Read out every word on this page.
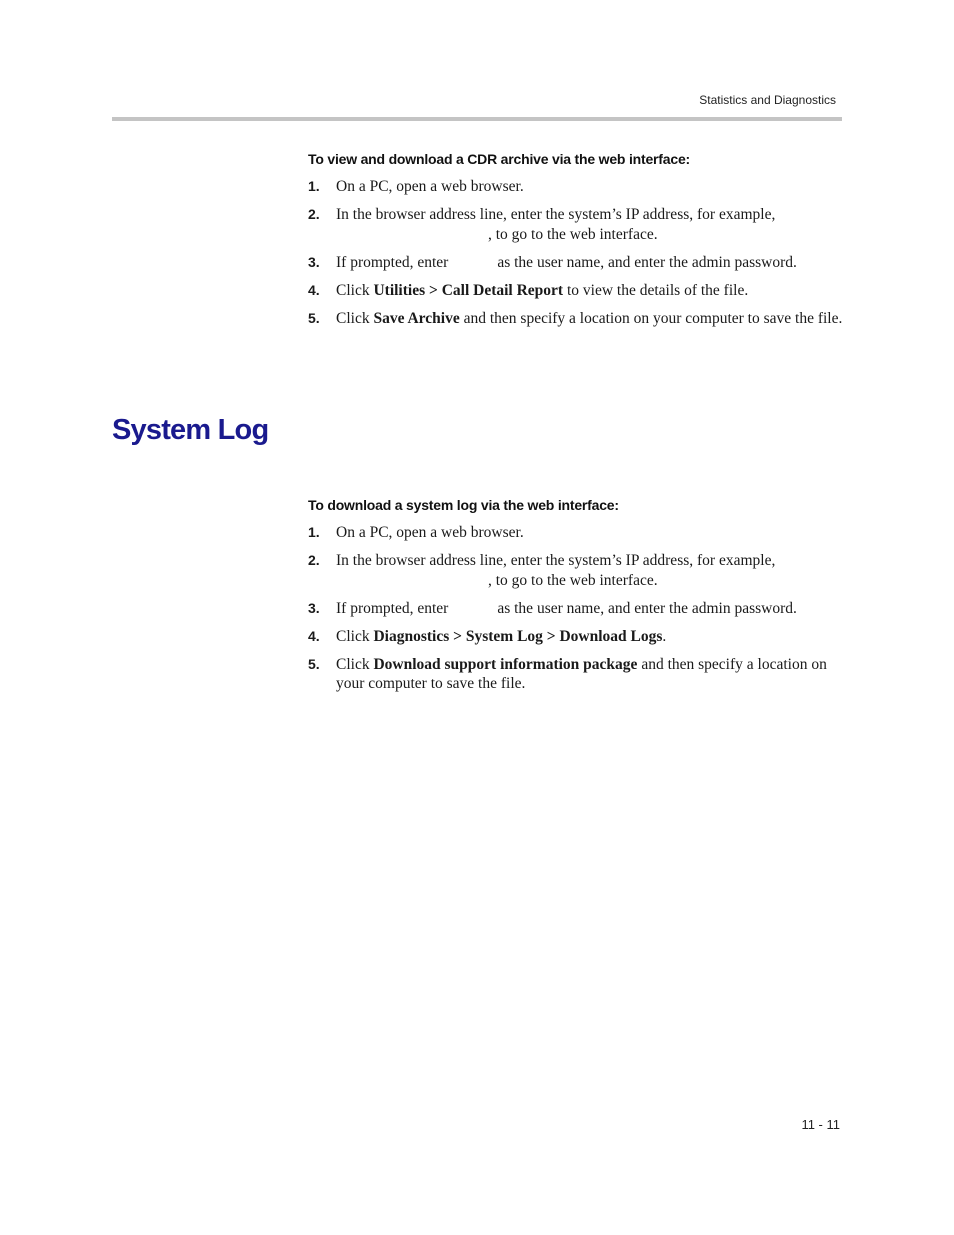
Statistics and Diagnostics
To view and download a CDR archive via the web interface:
1. On a PC, open a web browser.
2. In the browser address line, enter the system’s IP address, for example,
, to go to the web interface.
3. If prompted, enter	as the user name, and enter the admin password.
4. Click Utilities > Call Detail Report to view the details of the file.
5. Click Save Archive and then specify a location on your computer to save the file.
System Log
To download a system log via the web interface:
1. On a PC, open a web browser.
2. In the browser address line, enter the system’s IP address, for example,
, to go to the web interface.
3. If prompted, enter	as the user name, and enter the admin password.
4. Click Diagnostics > System Log > Download Logs.
5. Click Download support information package and then specify a location on your computer to save the file.
11 - 11
